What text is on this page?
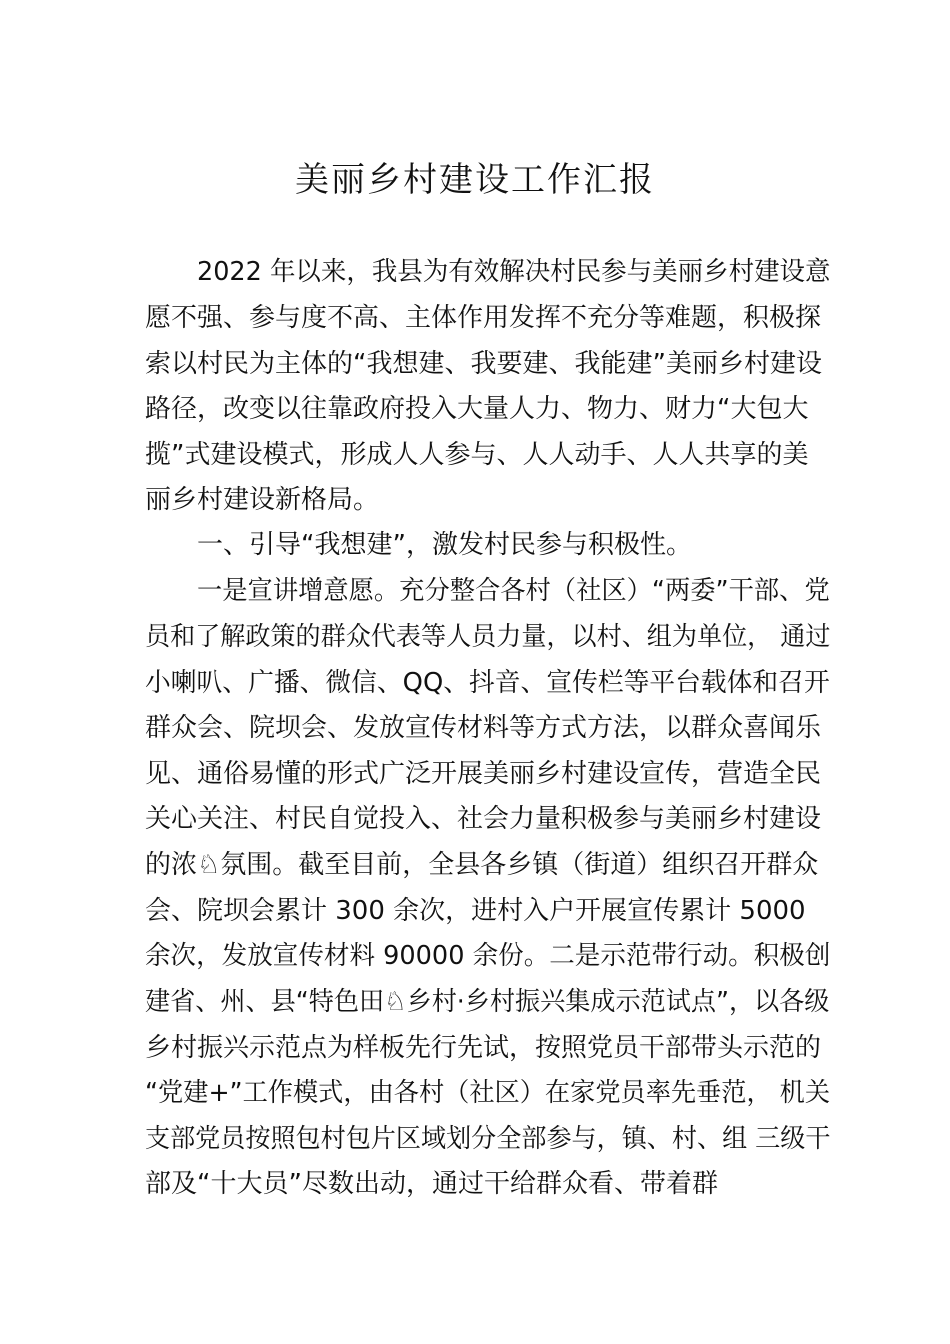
美丽乡村建设工作汇报
2022 年以来，我县为有效解决村民参与美丽乡村建设意
愿不强、参与度不高、主体作用发挥不充分等难题，积极探
索以村民为主体的“我想建、我要建、我能建”美丽乡村建设
路径，改变以往靠政府投入大量人力、物力、财力“大包大
揽”式建设模式，形成人人参与、人人动手、人人共享的美
丽乡村建设新格局。
一、引导“我想建”，激发村民参与积极性。
一是宣讲增意愿。充分整合各村（社区）“两委”干部、党
员和了解政策的群众代表等人员力量，以村、组为单位， 通过
小喇叭、广播、微信、QQ、抖音、宣传栏等平台载体和召开
群众会、院坝会、发放宣传材料等方式方法，以群众喜闻乐
见、通俗易懂的形式广泛开展美丽乡村建设宣传，营造全民
关心关注、村民自觉投入、社会力量积极参与美丽乡村建设
的浓♘氛围。截至目前，全县各乡镇（街道）组织召开群众
会、院坝会累计 300 余次，进村入户开展宣传累计 5000
余次，发放宣传材料 90000 余份。二是示范带行动。积极创
建省、州、县“特色田♘乡村·乡村振兴集成示范试点”，以各级
乡村振兴示范点为样板先行先试，按照党员干部带头示范的
“党建+”工作模式，由各村（社区）在家党员率先垂范， 机关
支部党员按照包村包片区域划分全部参与，镇、村、组 三级干
部及“十大员”尽数出动，通过干给群众看、带着群
